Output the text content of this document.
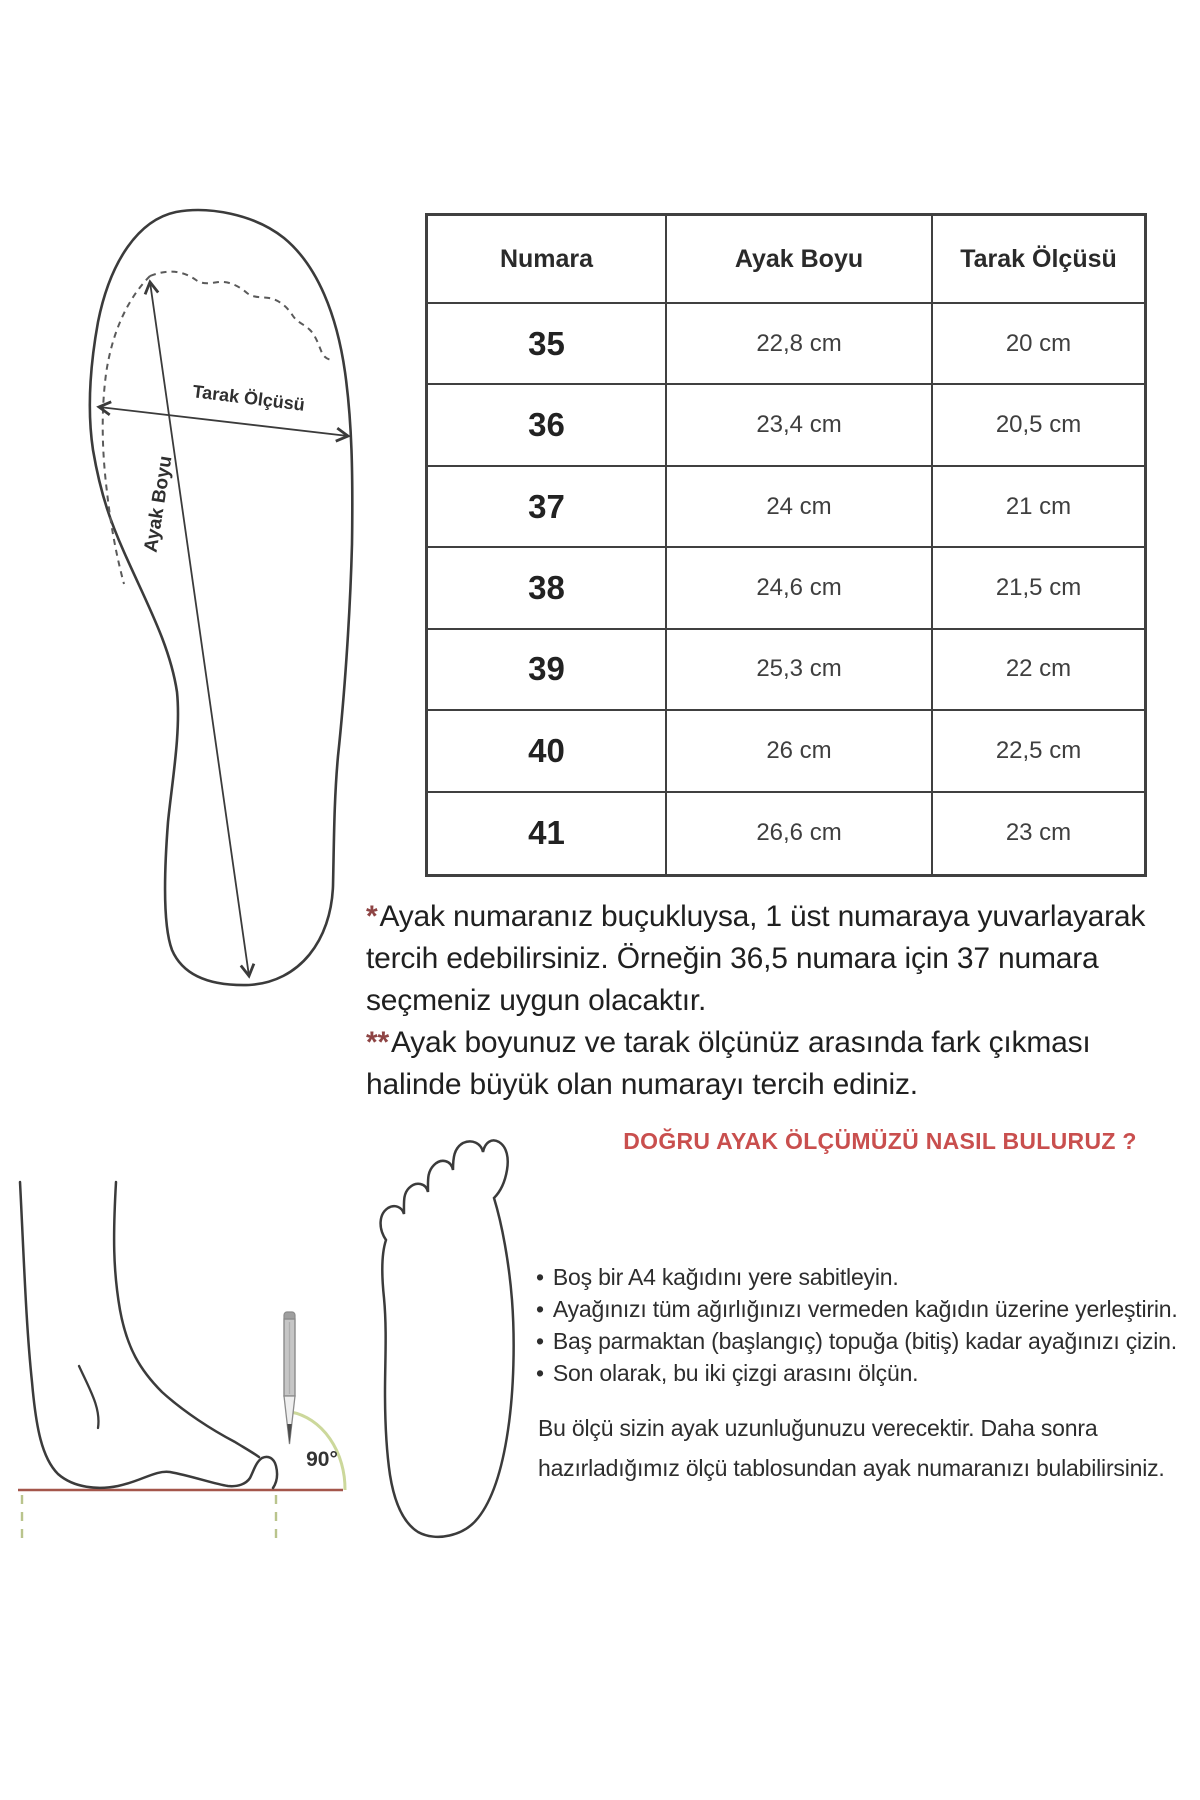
Tarak Ölçüsü
Ayak Boyu
Numara	Ayak Boyu	Tarak Ölçüsü
35	22,8 cm	20 cm
36	23,4 cm	20,5 cm
37	24 cm	21 cm
38	24,6 cm	21,5 cm
39	25,3 cm	22 cm
40	26 cm	22,5 cm
41	26,6 cm	23 cm

*Ayak numaranız buçukluysa, 1 üst numaraya yuvarlayarak tercih edebilirsiniz. Örneğin 36,5 numara için 37 numara seçmeniz uygun olacaktır.

**Ayak boyunuz ve tarak ölçünüz arasında fark çıkması halinde büyük olan numarayı tercih ediniz.

DOĞRU AYAK ÖLÇÜMÜZÜ NASIL BULURUZ ?
90°
• Boş bir A4 kağıdını yere sabitleyin.
• Ayağınızı tüm ağırlığınızı vermeden kağıdın üzerine yerleştirin.
• Baş parmaktan (başlangıç) topuğa (bitiş) kadar ayağınızı çizin.
• Son olarak, bu iki çizgi arasını ölçün.
Bu ölçü sizin ayak uzunluğunuzu verecektir. Daha sonra hazırladığımız ölçü tablosundan ayak numaranızı bulabilirsiniz.
